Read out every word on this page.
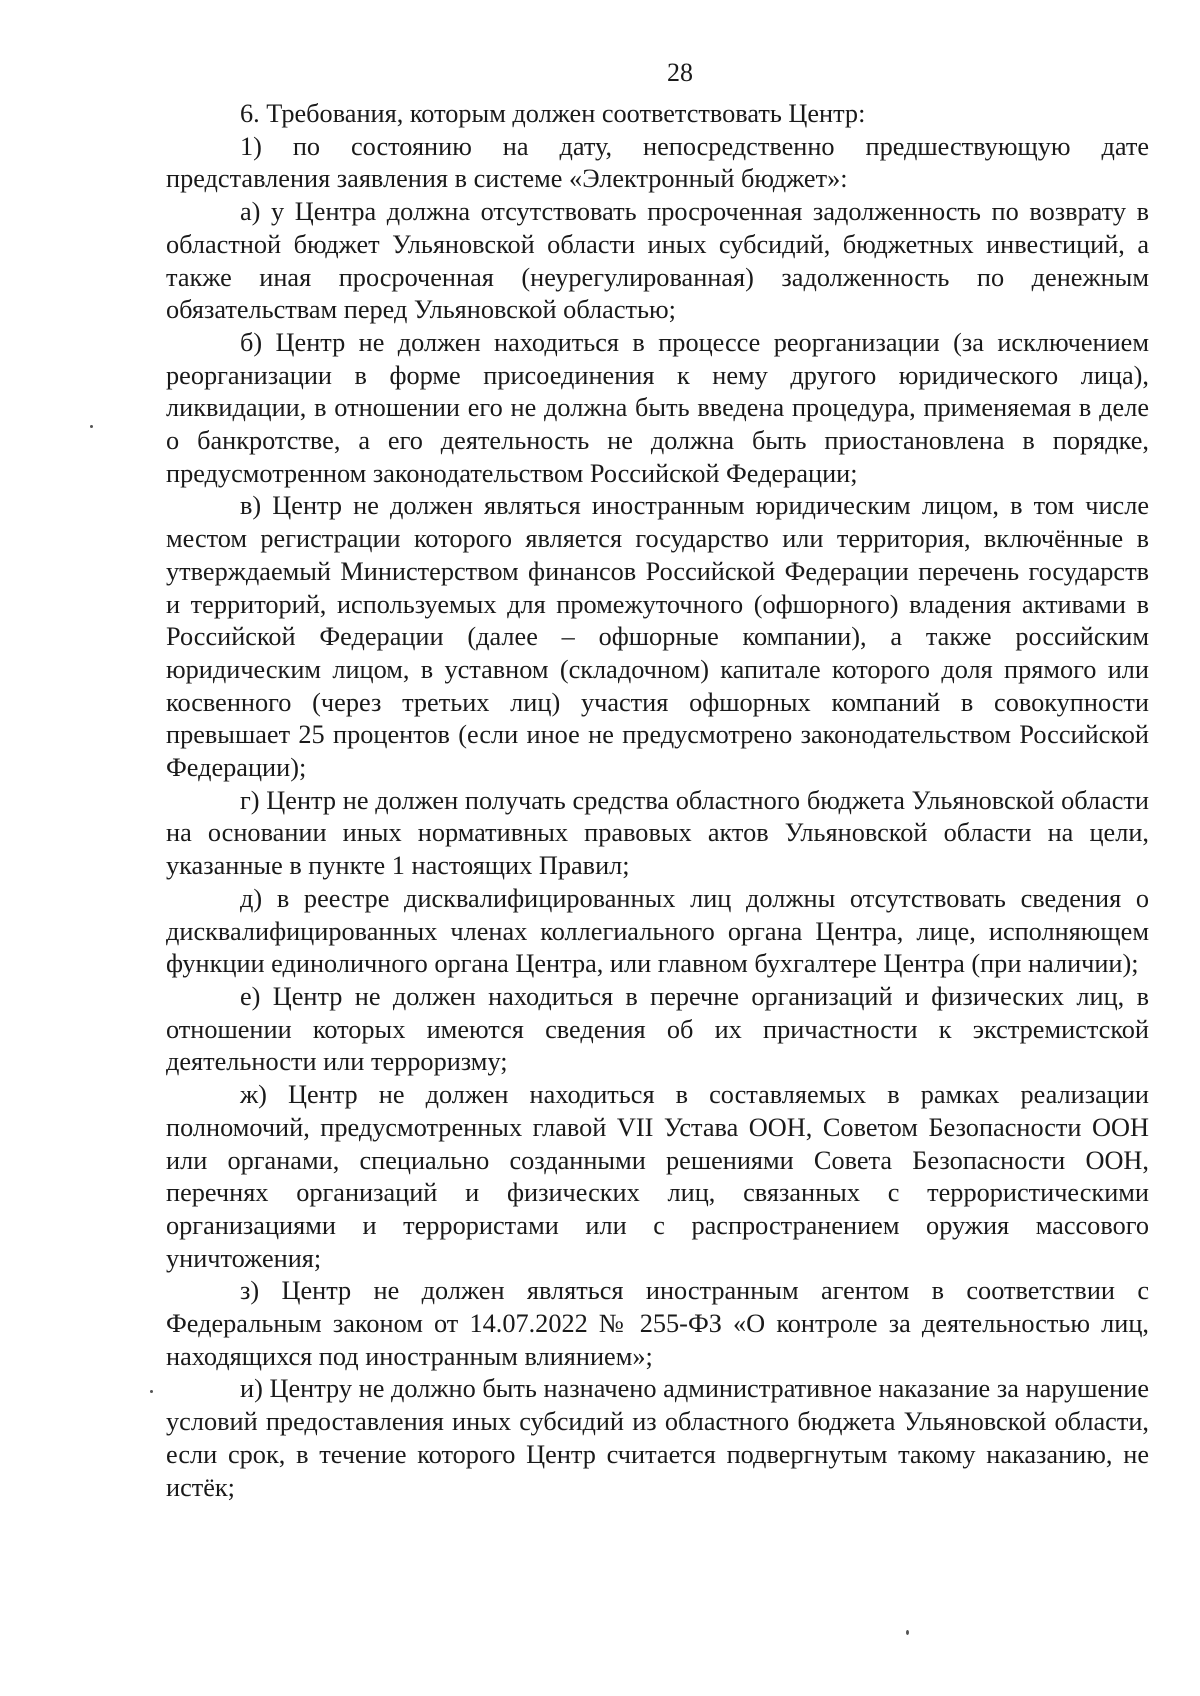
28

6. Требования, которым должен соответствовать Центр:

1) по состоянию на дату, непосредственно предшествующую дате представления заявления в системе «Электронный бюджет»:

а) у Центра должна отсутствовать просроченная задолженность по возврату в областной бюджет Ульяновской области иных субсидий, бюджетных инвестиций, а также иная просроченная (неурегулированная) задолженность по денежным обязательствам перед Ульяновской областью;

б) Центр не должен находиться в процессе реорганизации (за исключением реорганизации в форме присоединения к нему другого юридического лица), ликвидации, в отношении его не должна быть введена процедура, применяемая в деле о банкротстве, а его деятельность не должна быть приостановлена в порядке, предусмотренном законодательством Российской Федерации;

в) Центр не должен являться иностранным юридическим лицом, в том числе местом регистрации которого является государство или территория, включённые в утверждаемый Министерством финансов Российской Федерации перечень государств и территорий, используемых для промежуточного (офшорного) владения активами в Российской Федерации (далее – офшорные компании), а также российским юридическим лицом, в уставном (складочном) капитале которого доля прямого или косвенного (через третьих лиц) участия офшорных компаний в совокупности превышает 25 процентов (если иное не предусмотрено законодательством Российской Федерации);

г) Центр не должен получать средства областного бюджета Ульяновской области на основании иных нормативных правовых актов Ульяновской области на цели, указанные в пункте 1 настоящих Правил;

д) в реестре дисквалифицированных лиц должны отсутствовать сведения о дисквалифицированных членах коллегиального органа Центра, лице, исполняющем функции единоличного органа Центра, или главном бухгалтере Центра (при наличии);

е) Центр не должен находиться в перечне организаций и физических лиц, в отношении которых имеются сведения об их причастности к экстремистской деятельности или терроризму;

ж) Центр не должен находиться в составляемых в рамках реализации полномочий, предусмотренных главой VII Устава ООН, Советом Безопасности ООН или органами, специально созданными решениями Совета Безопасности ООН, перечнях организаций и физических лиц, связанных с террористическими организациями и террористами или с распространением оружия массового уничтожения;

з) Центр не должен являться иностранным агентом в соответствии с Федеральным законом от 14.07.2022 № 255-ФЗ «О контроле за деятельностью лиц, находящихся под иностранным влиянием»;

и) Центру не должно быть назначено административное наказание за нарушение условий предоставления иных субсидий из областного бюджета Ульяновской области, если срок, в течение которого Центр считается подвергнутым такому наказанию, не истёк;
